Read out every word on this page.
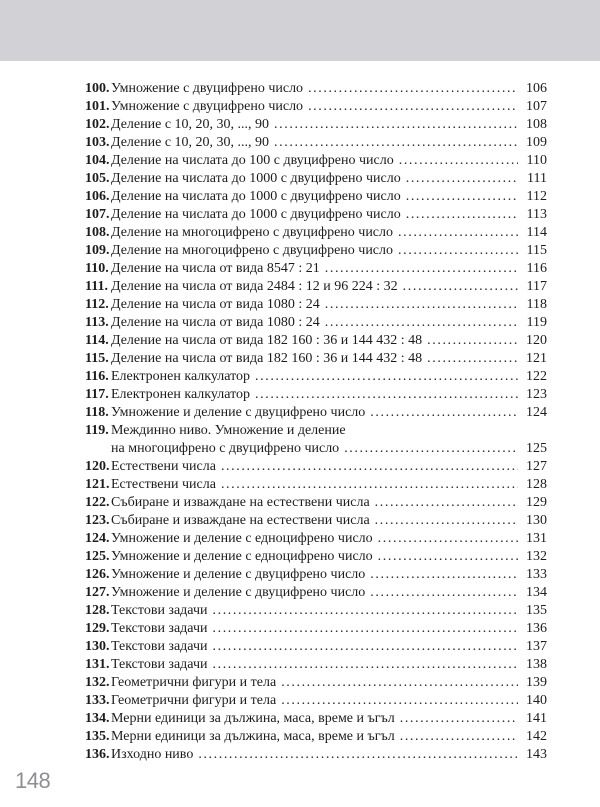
100. Умножение с двуцифрено число .....	106
101. Умножение с двуцифрено число .....	107
102. Деление с 10, 20, 30, ..., 90 .....	108
103. Деление с 10, 20, 30, ..., 90 .....	109
104. Деление на числата до 100 с двуцифрено число .....	110
105. Деление на числата до 1000 с двуцифрено число .....	111
106. Деление на числата до 1000 с двуцифрено число .....	112
107. Деление на числата до 1000 с двуцифрено число .....	113
108. Деление на многоцифрено с двуцифрено число .....	114
109. Деление на многоцифрено с двуцифрено число .....	115
110. Деление на числа от вида 8547 : 21 .....	116
111. Деление на числа от вида 2484 : 12 и 96 224 : 32 .....	117
112. Деление на числа от вида 1080 : 24 .....	118
113. Деление на числа от вида 1080 : 24 .....	119
114. Деление на числа от вида 182 160 : 36 и 144 432 : 48 .....	120
115. Деление на числа от вида 182 160 : 36 и 144 432 : 48 .....	121
116. Електронен калкулатор .....	122
117. Електронен калкулатор .....	123
118. Умножение и деление с двуцифрено число .....	124
119. Междинно ниво. Умножение и деление
на многоцифрено с двуцифрено число .....	125
120. Естествени числа .....	127
121. Естествени числа .....	128
122. Събиране и изваждане на естествени числа .....	129
123. Събиране и изваждане на естествени числа .....	130
124. Умножение и деление с едноцифрено число .....	131
125. Умножение и деление с едноцифрено число .....	132
126. Умножение и деление с двуцифрено число .....	133
127. Умножение и деление с двуцифрено число .....	134
128. Текстови задачи .....	135
129. Текстови задачи .....	136
130. Текстови задачи .....	137
131. Текстови задачи .....	138
132. Геометрични фигури и тела .....	139
133. Геометрични фигури и тела .....	140
134. Мерни единици за дължина, маса, време и ъгъл .....	141
135. Мерни единици за дължина, маса, време и ъгъл .....	142
136. Изходно ниво .....	143
148
